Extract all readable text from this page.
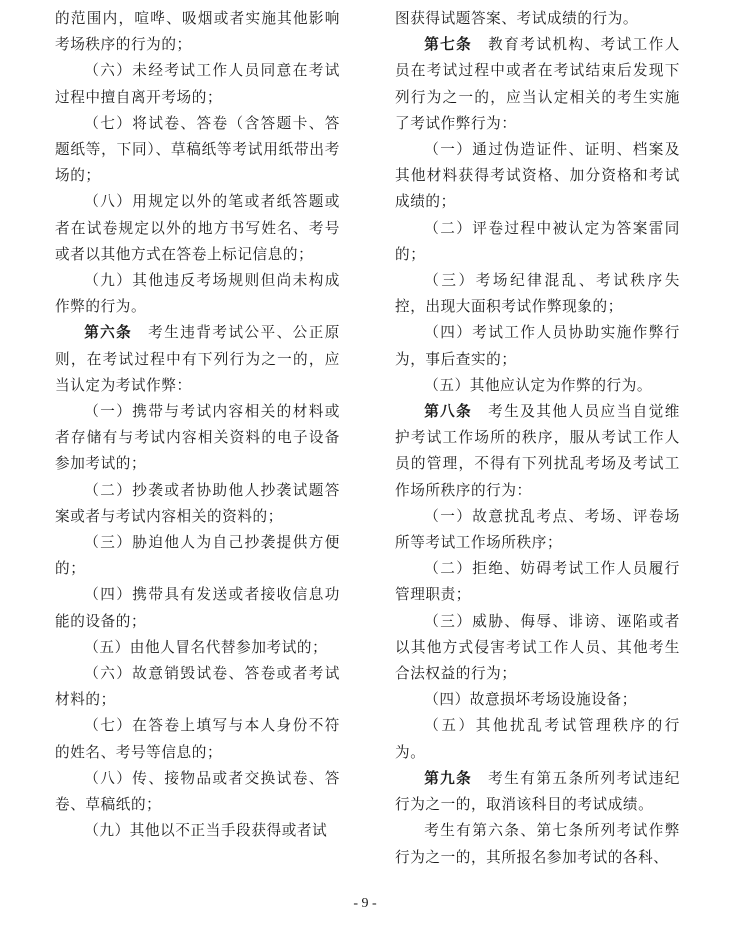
的范围内，喧哗、吸烟或者实施其他影响考场秩序的行为的；

（六）未经考试工作人员同意在考试过程中擅自离开考场的；

（七）将试卷、答卷（含答题卡、答题纸等，下同）、草稿纸等考试用纸带出考场的；

（八）用规定以外的笔或者纸答题或者在试卷规定以外的地方书写姓名、考号或者以其他方式在答卷上标记信息的；

（九）其他违反考场规则但尚未构成作弊的行为。

第六条　 考生违背考试公平、公正原则，在考试过程中有下列行为之一的，应当认定为考试作弊：

（一）携带与考试内容相关的材料或者存储有与考试内容相关资料的电子设备参加考试的；

（二）抄袭或者协助他人抄袭试题答案或者与考试内容相关的资料的；

（三）胁迫他人为自己抄袭提供方便的；

（四）携带具有发送或者接收信息功能的设备的；

（五）由他人冒名代替参加考试的；

（六）故意销毁试卷、答卷或者考试材料的；

（七）在答卷上填写与本人身份不符的姓名、考号等信息的；

（八）传、接物品或者交换试卷、答卷、草稿纸的；

（九）其他以不正当手段获得或者试

图获得试题答案、考试成绩的行为。

第七条　 教育考试机构、考试工作人员在考试过程中或者在考试结束后发现下列行为之一的，应当认定相关的考生实施了考试作弊行为：

（一）通过伪造证件、证明、档案及其他材料获得考试资格、加分资格和考试成绩的；

（二）评卷过程中被认定为答案雷同的；

（三）考场纪律混乱、考试秩序失控，出现大面积考试作弊现象的；

（四）考试工作人员协助实施作弊行为，事后查实的；

（五）其他应认定为作弊的行为。

第八条　 考生及其他人员应当自觉维护考试工作场所的秩序，服从考试工作人员的管理，不得有下列扰乱考场及考试工作场所秩序的行为：

（一）故意扰乱考点、考场、评卷场所等考试工作场所秩序；

（二）拒绝、妨碍考试工作人员履行管理职责；

（三）威胁、侮辱、诽谤、诬陷或者以其他方式侵害考试工作人员、其他考生合法权益的行为；

（四）故意损坏考场设施设备；

（五）其他扰乱考试管理秩序的行为。

第九条　 考生有第五条所列考试违纪行为之一的，取消该科目的考试成绩。

考生有第六条、第七条所列考试作弊行为之一的，其所报名参加考试的各科、

- 9 -
